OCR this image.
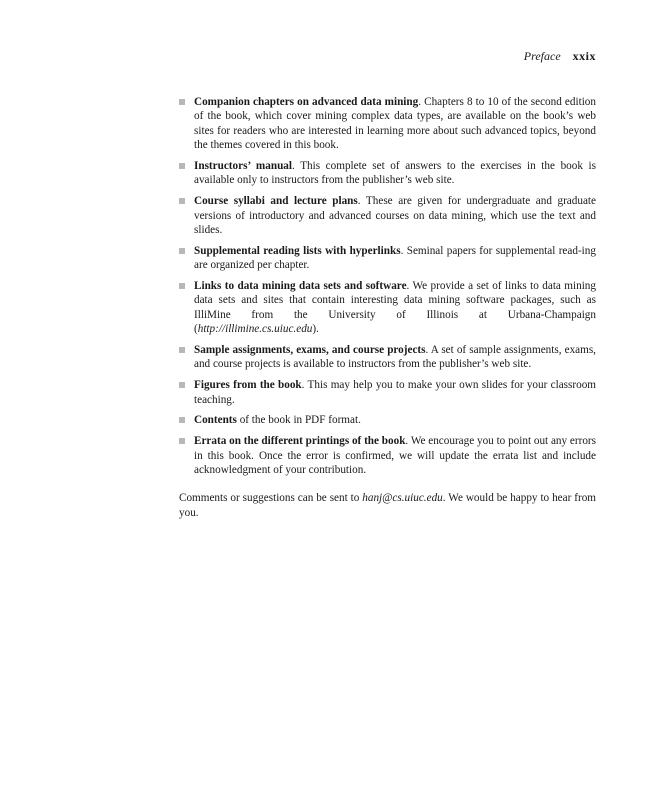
Preface xxix
Companion chapters on advanced data mining. Chapters 8 to 10 of the second edition of the book, which cover mining complex data types, are available on the book’s web sites for readers who are interested in learning more about such advanced topics, beyond the themes covered in this book.
Instructors’ manual. This complete set of answers to the exercises in the book is available only to instructors from the publisher’s web site.
Course syllabi and lecture plans. These are given for undergraduate and graduate versions of introductory and advanced courses on data mining, which use the text and slides.
Supplemental reading lists with hyperlinks. Seminal papers for supplemental read-ing are organized per chapter.
Links to data mining data sets and software. We provide a set of links to data mining data sets and sites that contain interesting data mining software packages, such as IlliMine from the University of Illinois at Urbana-Champaign (http://illimine.cs.uiuc.edu).
Sample assignments, exams, and course projects. A set of sample assignments, exams, and course projects is available to instructors from the publisher’s web site.
Figures from the book. This may help you to make your own slides for your classroom teaching.
Contents of the book in PDF format.
Errata on the different printings of the book. We encourage you to point out any errors in this book. Once the error is confirmed, we will update the errata list and include acknowledgment of your contribution.

Comments or suggestions can be sent to hanj@cs.uiuc.edu. We would be happy to hear from you.
